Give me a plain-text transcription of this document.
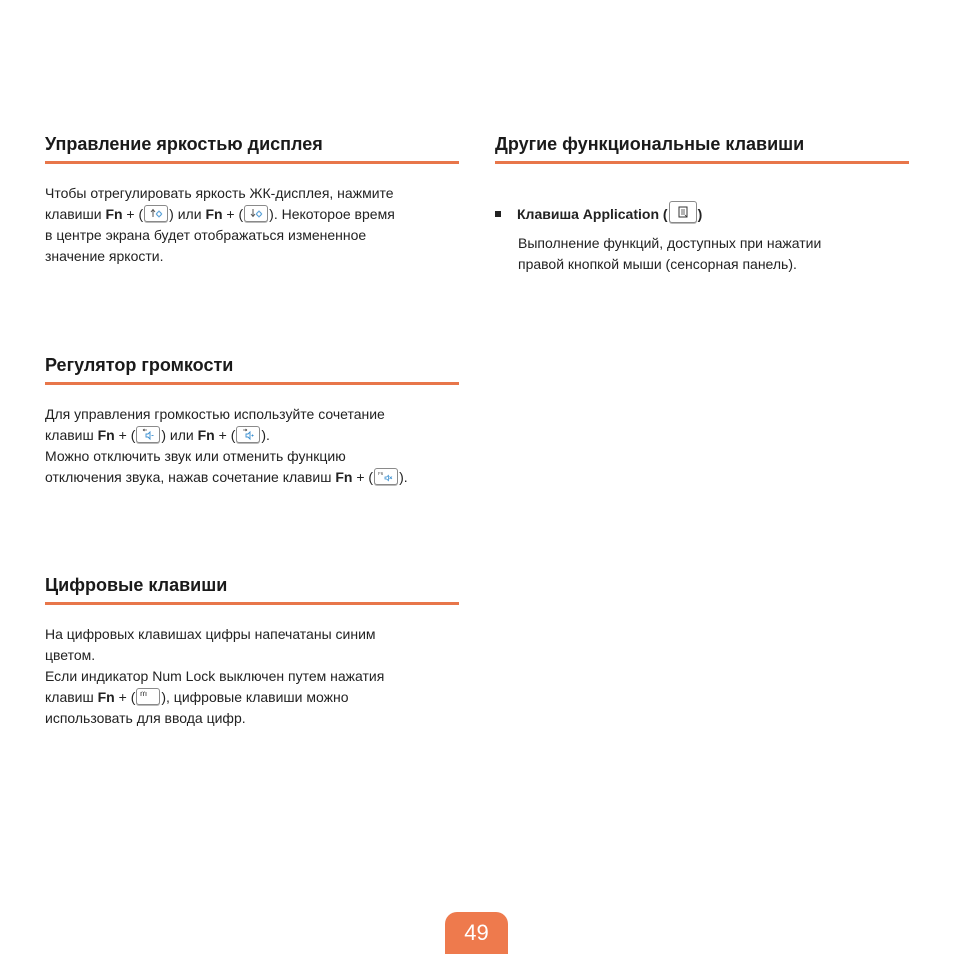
Управление яркостью дисплея
Чтобы отрегулировать яркость ЖК-дисплея, нажмите
клавиши Fn + ( ) или Fn + ( ). Некоторое время
в центре экрана будет отображаться измененное
значение яркости.
Регулятор громкости
Для управления громкостью используйте сочетание
клавиш Fn + ( ) или Fn + ( ).
Можно отключить звук или отменить функцию
отключения звука, нажав сочетание клавиш Fn + ( F6 ).
Цифровые клавиши
На цифровых клавишах цифры напечатаны синим
цветом.
Если индикатор Num Lock выключен путем нажатия
клавиш Fn + ( ), цифровые клавиши можно
использовать для ввода цифр.
Другие функциональные клавиши
Клавиша Application ( )
Выполнение функций, доступных при нажатии
правой кнопкой мыши (сенсорная панель).
49
